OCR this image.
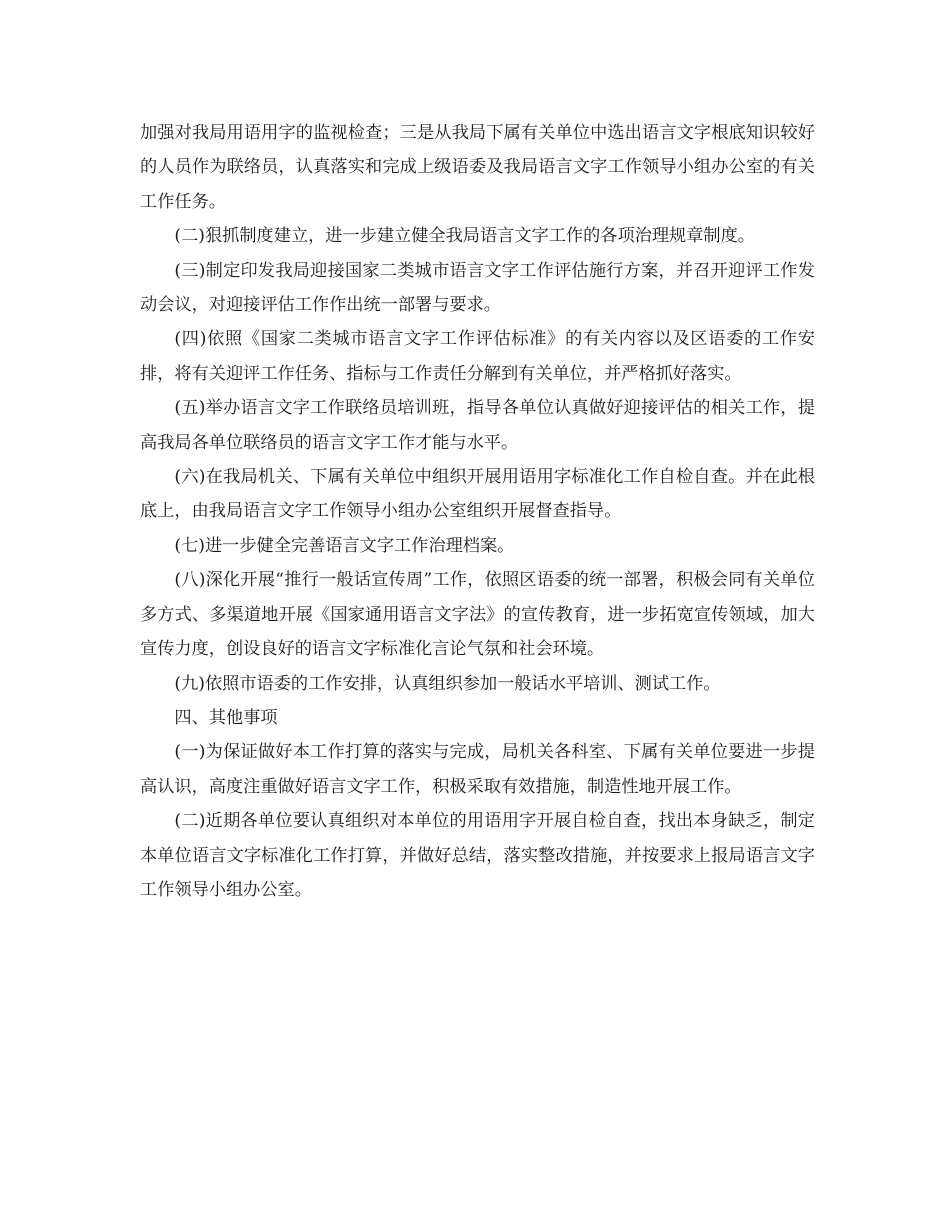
加强对我局用语用字的监视检查；三是从我局下属有关单位中选出语言文字根底知识较好的人员作为联络员，认真落实和完成上级语委及我局语言文字工作领导小组办公室的有关工作任务。

(二)狠抓制度建立，进一步建立健全我局语言文字工作的各项治理规章制度。

(三)制定印发我局迎接国家二类城市语言文字工作评估施行方案，并召开迎评工作发动会议，对迎接评估工作作出统一部署与要求。

(四)依照《国家二类城市语言文字工作评估标准》的有关内容以及区语委的工作安排，将有关迎评工作任务、指标与工作责任分解到有关单位，并严格抓好落实。

(五)举办语言文字工作联络员培训班，指导各单位认真做好迎接评估的相关工作，提高我局各单位联络员的语言文字工作才能与水平。

(六)在我局机关、下属有关单位中组织开展用语用字标准化工作自检自查。并在此根底上，由我局语言文字工作领导小组办公室组织开展督查指导。

(七)进一步健全完善语言文字工作治理档案。

(八)深化开展“推行一般话宣传周”工作，依照区语委的统一部署，积极会同有关单位多方式、多渠道地开展《国家通用语言文字法》的宣传教育，进一步拓宽宣传领域，加大宣传力度，创设良好的语言文字标准化言论气氛和社会环境。

(九)依照市语委的工作安排，认真组织参加一般话水平培训、测试工作。

四、其他事项

(一)为保证做好本工作打算的落实与完成，局机关各科室、下属有关单位要进一步提高认识，高度注重做好语言文字工作，积极采取有效措施，制造性地开展工作。

(二)近期各单位要认真组织对本单位的用语用字开展自检自查，找出本身缺乏，制定本单位语言文字标准化工作打算，并做好总结，落实整改措施，并按要求上报局语言文字工作领导小组办公室。
